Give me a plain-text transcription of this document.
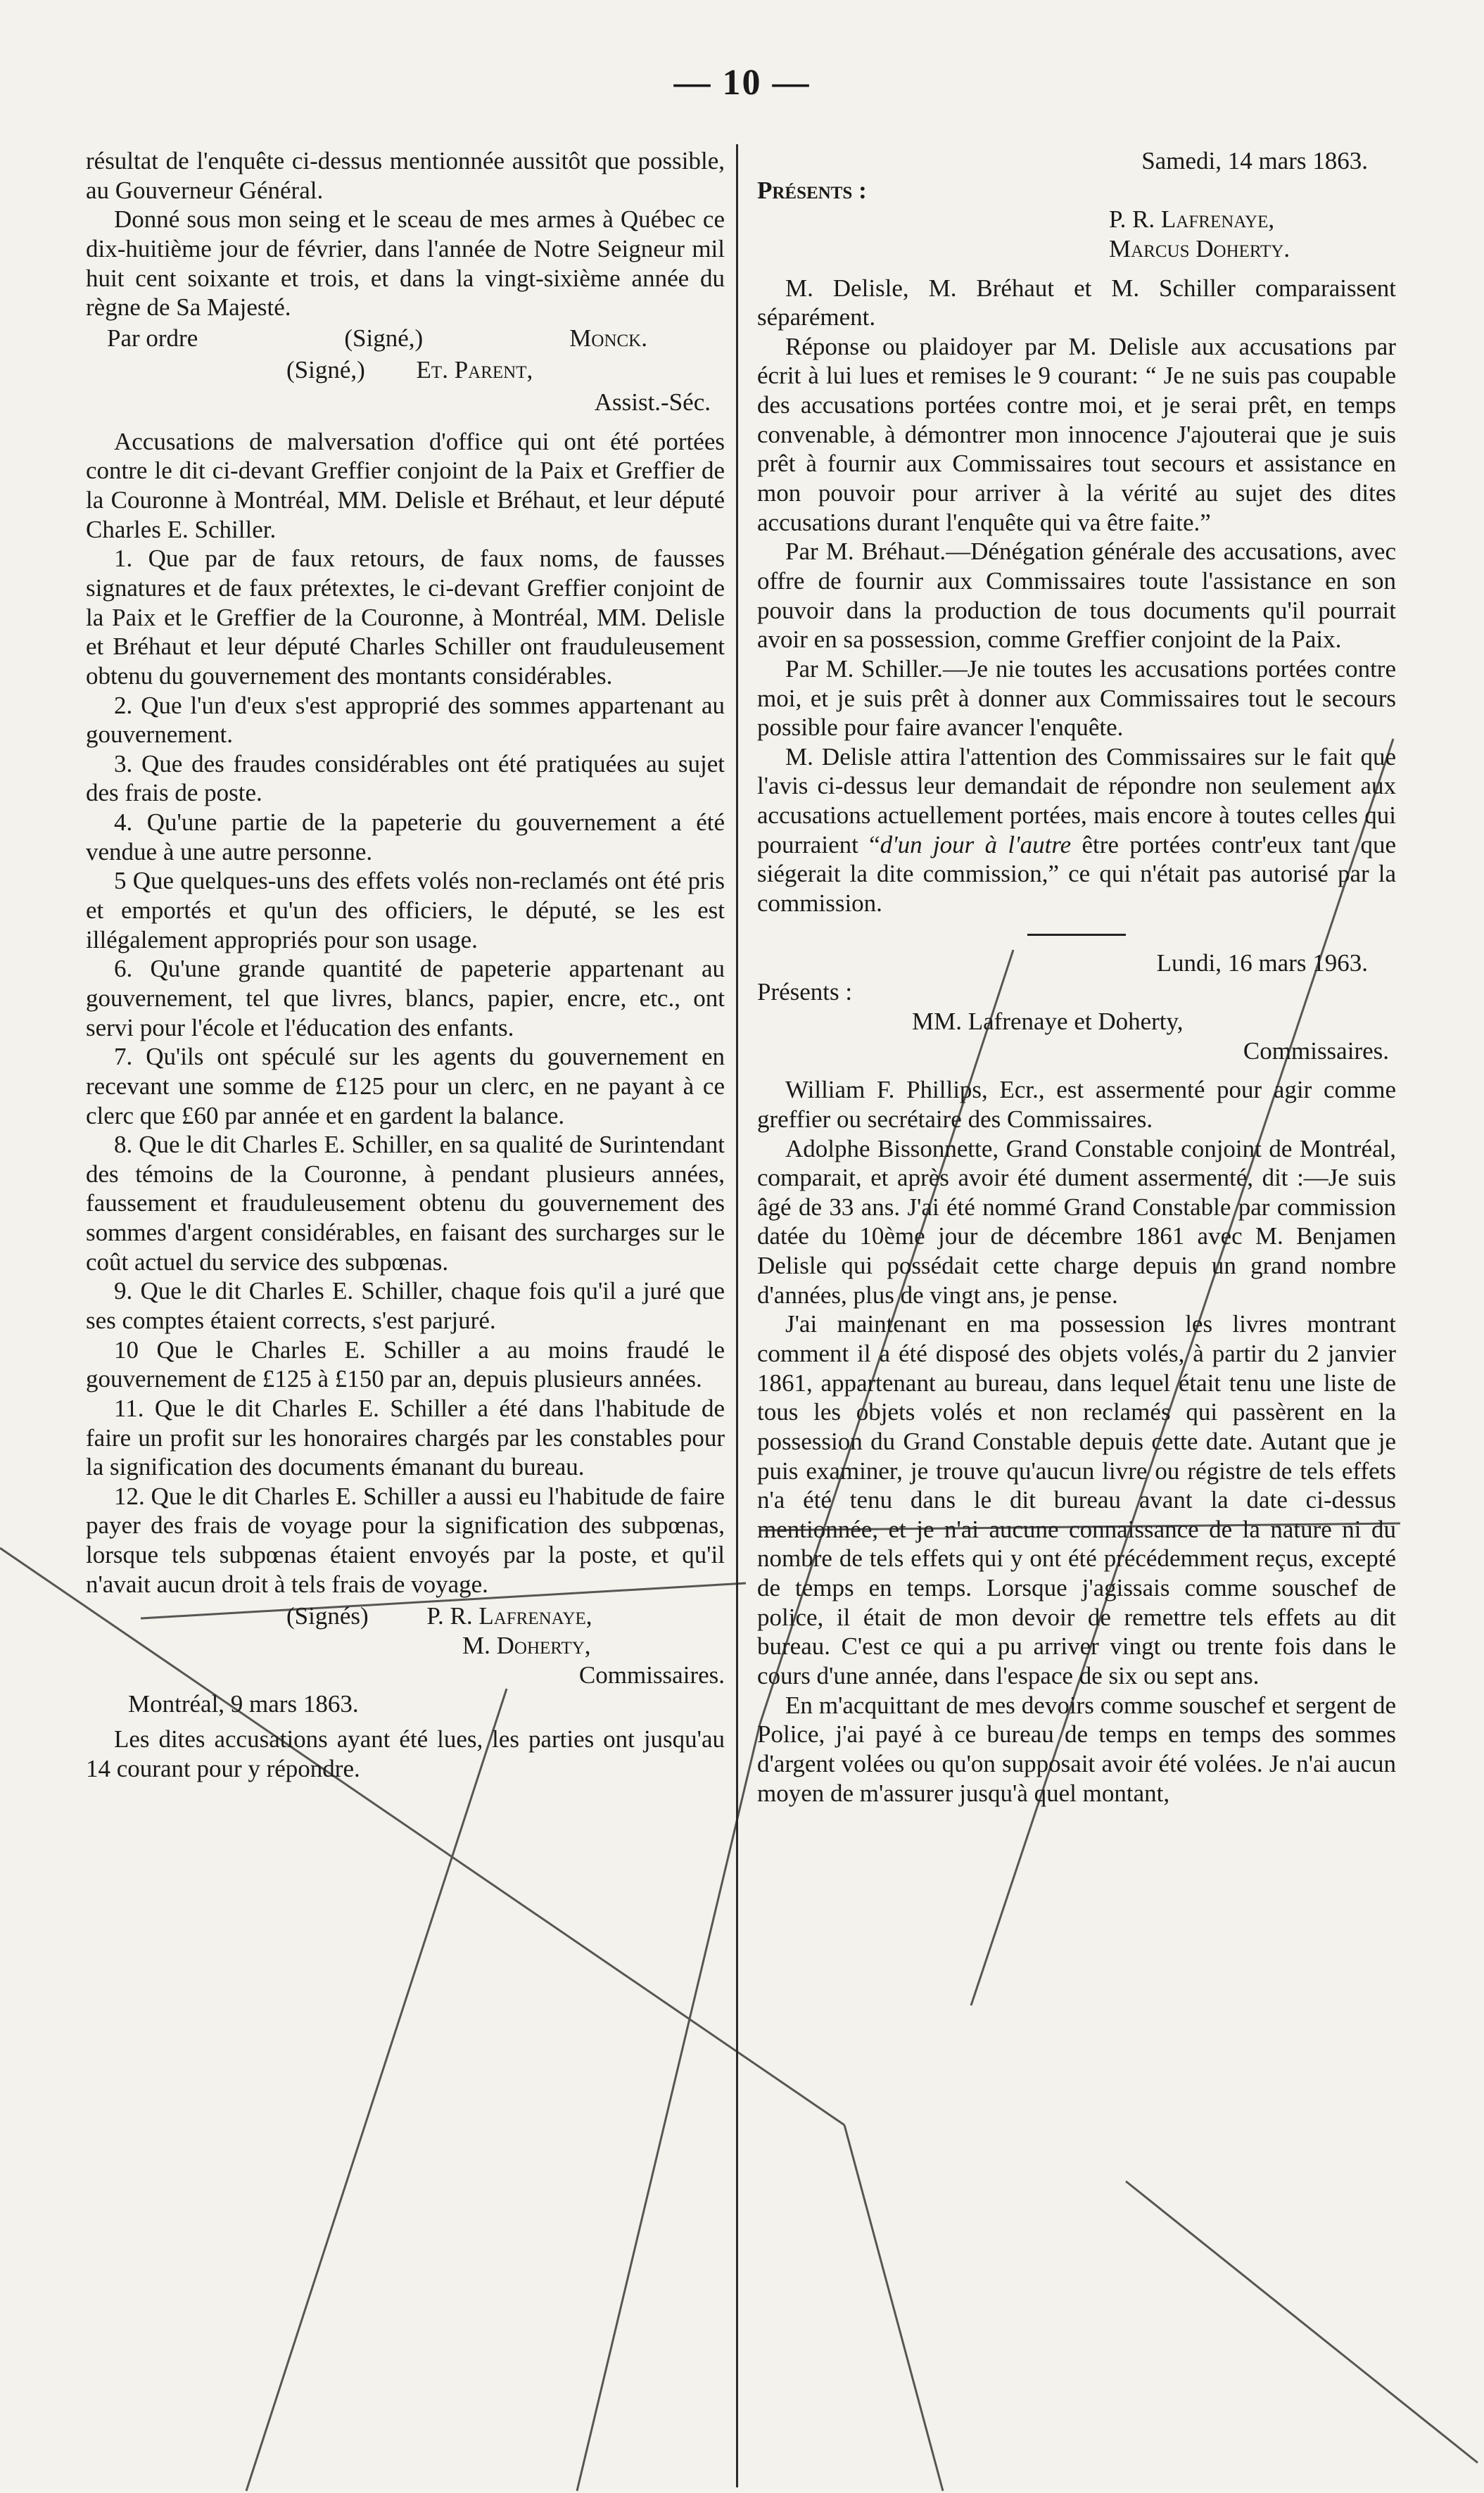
— 10 —

résultat de l'enquête ci-dessus mentionnée aussitôt que possible, au Gouverneur Général.

Donné sous mon seing et le sceau de mes armes à Québec ce dix-huitième jour de février, dans l'année de Notre Seigneur mil huit cent soixante et trois, et dans la vingt-sixième année du règne de Sa Majesté.

Par ordre	(Signé,)	Monck.
(Signé,) Et. Parent,
Assist.-Séc.

Accusations de malversation d'office qui ont été portées contre le dit ci-devant Greffier conjoint de la Paix et Greffier de la Couronne à Montréal, MM. Delisle et Bréhaut, et leur député Charles E. Schiller.

1. Que par de faux retours, de faux noms, de fausses signatures et de faux prétextes, le ci-devant Greffier conjoint de la Paix et le Greffier de la Couronne, à Montréal, MM. Delisle et Bréhaut et leur député Charles Schiller ont frauduleusement obtenu du gouvernement des montants considérables.

2. Que l'un d'eux s'est approprié des sommes appartenant au gouvernement.

3. Que des fraudes considérables ont été pratiquées au sujet des frais de poste.

4. Qu'une partie de la papeterie du gouvernement a été vendue à une autre personne.

5 Que quelques-uns des effets volés non-reclamés ont été pris et emportés et qu'un des officiers, le député, se les est illégalement appropriés pour son usage.

6. Qu'une grande quantité de papeterie appartenant au gouvernement, tel que livres, blancs, papier, encre, etc., ont servi pour l'école et l'éducation des enfants.

7. Qu'ils ont spéculé sur les agents du gouvernement en recevant une somme de £125 pour un clerc, en ne payant à ce clerc que £60 par année et en gardent la balance.

8. Que le dit Charles E. Schiller, en sa qualité de Surintendant des témoins de la Couronne, à pendant plusieurs années, faussement et frauduleusement obtenu du gouvernement des sommes d'argent considérables, en faisant des surcharges sur le coût actuel du service des subpœnas.

9. Que le dit Charles E. Schiller, chaque fois qu'il a juré que ses comptes étaient corrects, s'est parjuré.

10 Que le Charles E. Schiller a au moins fraudé le gouvernement de £125 à £150 par an, depuis plusieurs années.

11. Que le dit Charles E. Schiller a été dans l'habitude de faire un profit sur les honoraires chargés par les constables pour la signification des documents émanant du bureau.

12. Que le dit Charles E. Schiller a aussi eu l'habitude de faire payer des frais de voyage pour la signification des subpœnas, lorsque tels subpœnas étaient envoyés par la poste, et qu'il n'avait aucun droit à tels frais de voyage.

(Signés) P. R. Lafrenaye,
M. Doherty,
Commissaires.
Montréal, 9 mars 1863.

Les dites accusations ayant été lues, les parties ont jusqu'au 14 courant pour y répondre.

Samedi, 14 mars 1863.
Présents :
P. R. Lafrenaye,
Marcus Doherty.

M. Delisle, M. Bréhaut et M. Schiller comparaissent séparément.

Réponse ou plaidoyer par M. Delisle aux accusations par écrit à lui lues et remises le 9 courant: “ Je ne suis pas coupable des accusations portées contre moi, et je serai prêt, en temps convenable, à démontrer mon innocence J'ajouterai que je suis prêt à fournir aux Commissaires tout secours et assistance en mon pouvoir pour arriver à la vérité au sujet des dites accusations durant l'enquête qui va être faite.”

Par M. Bréhaut.—Dénégation générale des accusations, avec offre de fournir aux Commissaires toute l'assistance en son pouvoir dans la production de tous documents qu'il pourrait avoir en sa possession, comme Greffier conjoint de la Paix.

Par M. Schiller.—Je nie toutes les accusations portées contre moi, et je suis prêt à donner aux Commissaires tout le secours possible pour faire avancer l'enquête.

M. Delisle attira l'attention des Commissaires sur le fait que l'avis ci-dessus leur demandait de répondre non seulement aux accusations actuellement portées, mais encore à toutes celles qui pourraient “d'un jour à l'autre être portées contr'eux tant que siégerait la dite commission,” ce qui n'était pas autorisé par la commission.

Lundi, 16 mars 1963.
Présents :
MM. Lafrenaye et Doherty,
Commissaires.

William F. Phillips, Ecr., est assermenté pour agir comme greffier ou secrétaire des Commissaires.

Adolphe Bissonnette, Grand Constable conjoint de Montréal, comparait, et après avoir été dument assermenté, dit :—Je suis âgé de 33 ans. J'ai été nommé Grand Constable par commission datée du 10ème jour de décembre 1861 avec M. Benjamen Delisle qui possédait cette charge depuis un grand nombre d'années, plus de vingt ans, je pense.

J'ai maintenant en ma possession les livres montrant comment il a été disposé des objets volés, à partir du 2 janvier 1861, appartenant au bureau, dans lequel était tenu une liste de tous les objets volés et non reclamés qui passèrent en la possession du Grand Constable depuis cette date. Autant que je puis examiner, je trouve qu'aucun livre ou régistre de tels effets n'a été tenu dans le dit bureau avant la date ci-dessus mentionnée, et je n'ai aucune connaissance de la nature ni du nombre de tels effets qui y ont été précédemment reçus, excepté de temps en temps. Lorsque j'agissais comme souschef de police, il était de mon devoir de remettre tels effets au dit bureau. C'est ce qui a pu arriver vingt ou trente fois dans le cours d'une année, dans l'espace de six ou sept ans.

En m'acquittant de mes devoirs comme souschef et sergent de Police, j'ai payé à ce bureau de temps en temps des sommes d'argent volées ou qu'on supposait avoir été volées. Je n'ai aucun moyen de m'assurer jusqu'à quel montant,
